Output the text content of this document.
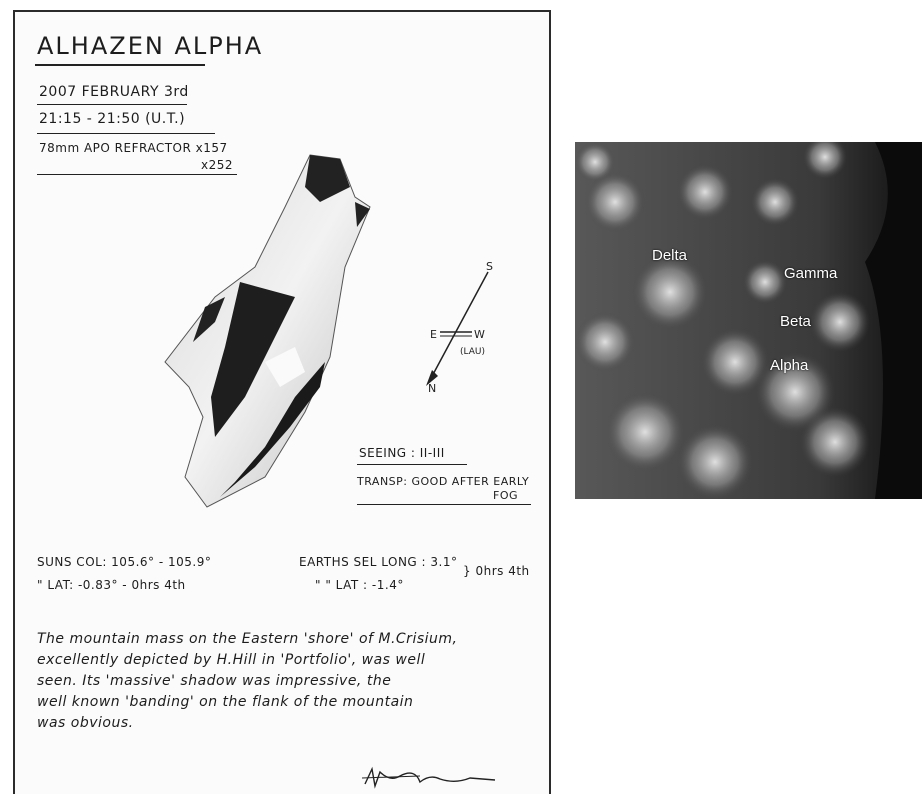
ALHAZEN ALPHA
2007 FEBRUARY 3rd
21:15 - 21:50 (U.T.)
78mm APO REFRACTOR x157
x252
S
E	W
N
(LAU)
SEEING : II-III
TRANSP: GOOD AFTER EARLY
FOG
SUNS COL: 105.6° - 105.9°
" LAT: -0.83° - 0hrs 4th
EARTHS SEL LONG : 3.1°
" " LAT : -1.4°
} 0hrs 4th
The mountain mass on the Eastern 'shore' of M.Crisium,
excellently depicted by H.Hill in 'Portfolio', was well
seen. Its 'massive' shadow was impressive, the
well known 'banding' on the flank of the mountain
was obvious.
Delta
Gamma
Beta
Alpha
